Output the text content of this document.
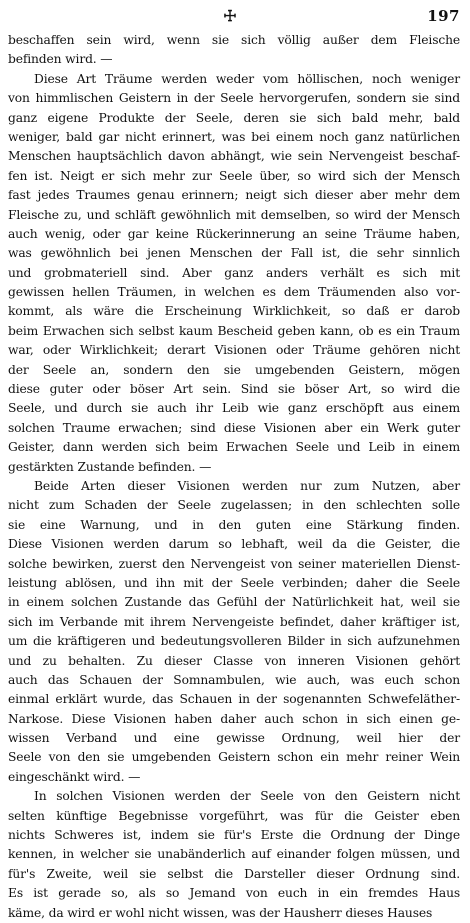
☩	197
beschaffen sein wird, wenn sie sich völlig außer dem Fleische
befinden wird. —
Diese Art Träume werden weder vom höllischen, noch weniger
von himmlischen Geistern in der Seele hervorgerufen, sondern sie sind
ganz eigene Produkte der Seele, deren sie sich bald mehr, bald
weniger, bald gar nicht erinnert, was bei einem noch ganz natürlichen
Menschen hauptsächlich davon abhängt, wie sein Nervengeist beschaf-
fen ist. Neigt er sich mehr zur Seele über, so wird sich der Mensch
fast jedes Traumes genau erinnern; neigt sich dieser aber mehr dem
Fleische zu, und schläft gewöhnlich mit demselben, so wird der Mensch
auch wenig, oder gar keine Rückerinnerung an seine Träume haben,
was gewöhnlich bei jenen Menschen der Fall ist, die sehr sinnlich
und grobmateriell sind. Aber ganz anders verhält es sich mit
gewissen hellen Träumen, in welchen es dem Träumenden also vor-
kommt, als wäre die Erscheinung Wirklichkeit, so daß er darob
beim Erwachen sich selbst kaum Bescheid geben kann, ob es ein Traum
war, oder Wirklichkeit; derart Visionen oder Träume gehören nicht
der Seele an, sondern den sie umgebenden Geistern, mögen
diese guter oder böser Art sein. Sind sie böser Art, so wird die
Seele, und durch sie auch ihr Leib wie ganz erschöpft aus einem
solchen Traume erwachen; sind diese Visionen aber ein Werk guter
Geister, dann werden sich beim Erwachen Seele und Leib in einem
gestärkten Zustande befinden. —
Beide Arten dieser Visionen werden nur zum Nutzen, aber
nicht zum Schaden der Seele zugelassen; in den schlechten solle
sie eine Warnung, und in den guten eine Stärkung finden.
Diese Visionen werden darum so lebhaft, weil da die Geister, die
solche bewirken, zuerst den Nervengeist von seiner materiellen Dienst-
leistung ablösen, und ihn mit der Seele verbinden; daher die Seele
in einem solchen Zustande das Gefühl der Natürlichkeit hat, weil sie
sich im Verbande mit ihrem Nervengeiste befindet, daher kräftiger ist,
um die kräftigeren und bedeutungsvolleren Bilder in sich aufzunehmen
und zu behalten. Zu dieser Classe von inneren Visionen gehört
auch das Schauen der Somnambulen, wie auch, was euch schon
einmal erklärt wurde, das Schauen in der sogenannten Schwefeläther-
Narkose. Diese Visionen haben daher auch schon in sich einen ge-
wissen Verband und eine gewisse Ordnung, weil hier der
Seele von den sie umgebenden Geistern schon ein mehr reiner Wein
eingeschänkt wird. —
In solchen Visionen werden der Seele von den Geistern nicht
selten künftige Begebnisse vorgeführt, was für die Geister eben
nichts Schweres ist, indem sie für's Erste die Ordnung der Dinge
kennen, in welcher sie unabänderlich auf einander folgen müssen, und
für's Zweite, weil sie selbst die Darsteller dieser Ordnung sind.
Es ist gerade so, als so Jemand von euch in ein fremdes Haus
käme, da wird er wohl nicht wissen, was der Hausherr dieses Hauses
